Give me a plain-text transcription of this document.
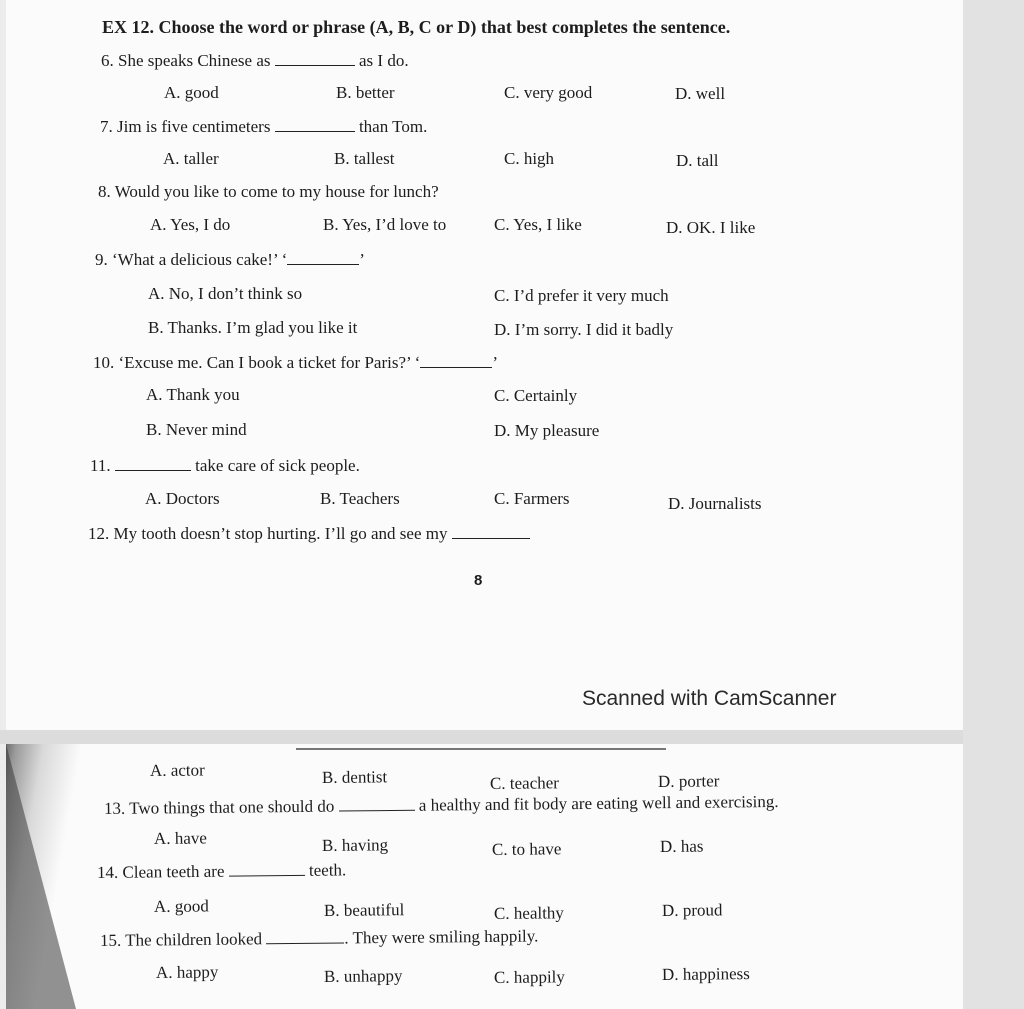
EX 12. Choose the word or phrase (A, B, C or D) that best completes the sentence.
6. She speaks Chinese as	as I do.
A. good	B. better	C. very good	D. well
7. Jim is five centimeters	than Tom.
A. taller	B. tallest	C. high	D. tall
8. Would you like to come to my house for lunch?
A. Yes, I do	B. Yes, I’d love to	C. Yes, I like	D. OK. I like
9. ‘What a delicious cake!’ ‘	’
A. No, I don’t think so	C. I’d prefer it very much
B. Thanks. I’m glad you like it	D. I’m sorry. I did it badly
10. ‘Excuse me. Can I book a ticket for Paris?’ ‘	’
A. Thank you	C. Certainly
B. Never mind	D. My pleasure
11.	take care of sick people.
A. Doctors	B. Teachers	C. Farmers	D. Journalists
12. My tooth doesn’t stop hurting. I’ll go and see my
8
Scanned with CamScanner
A. actor	B. dentist	C. teacher	D. porter
13. Two things that one should do	a healthy and fit body are eating well and exercising.
A. have	B. having	C. to have	D. has
14. Clean teeth are	teeth.
A. good	B. beautiful	C. healthy	D. proud
15. The children looked	. They were smiling happily.
A. happy	B. unhappy	C. happily	D. happiness
